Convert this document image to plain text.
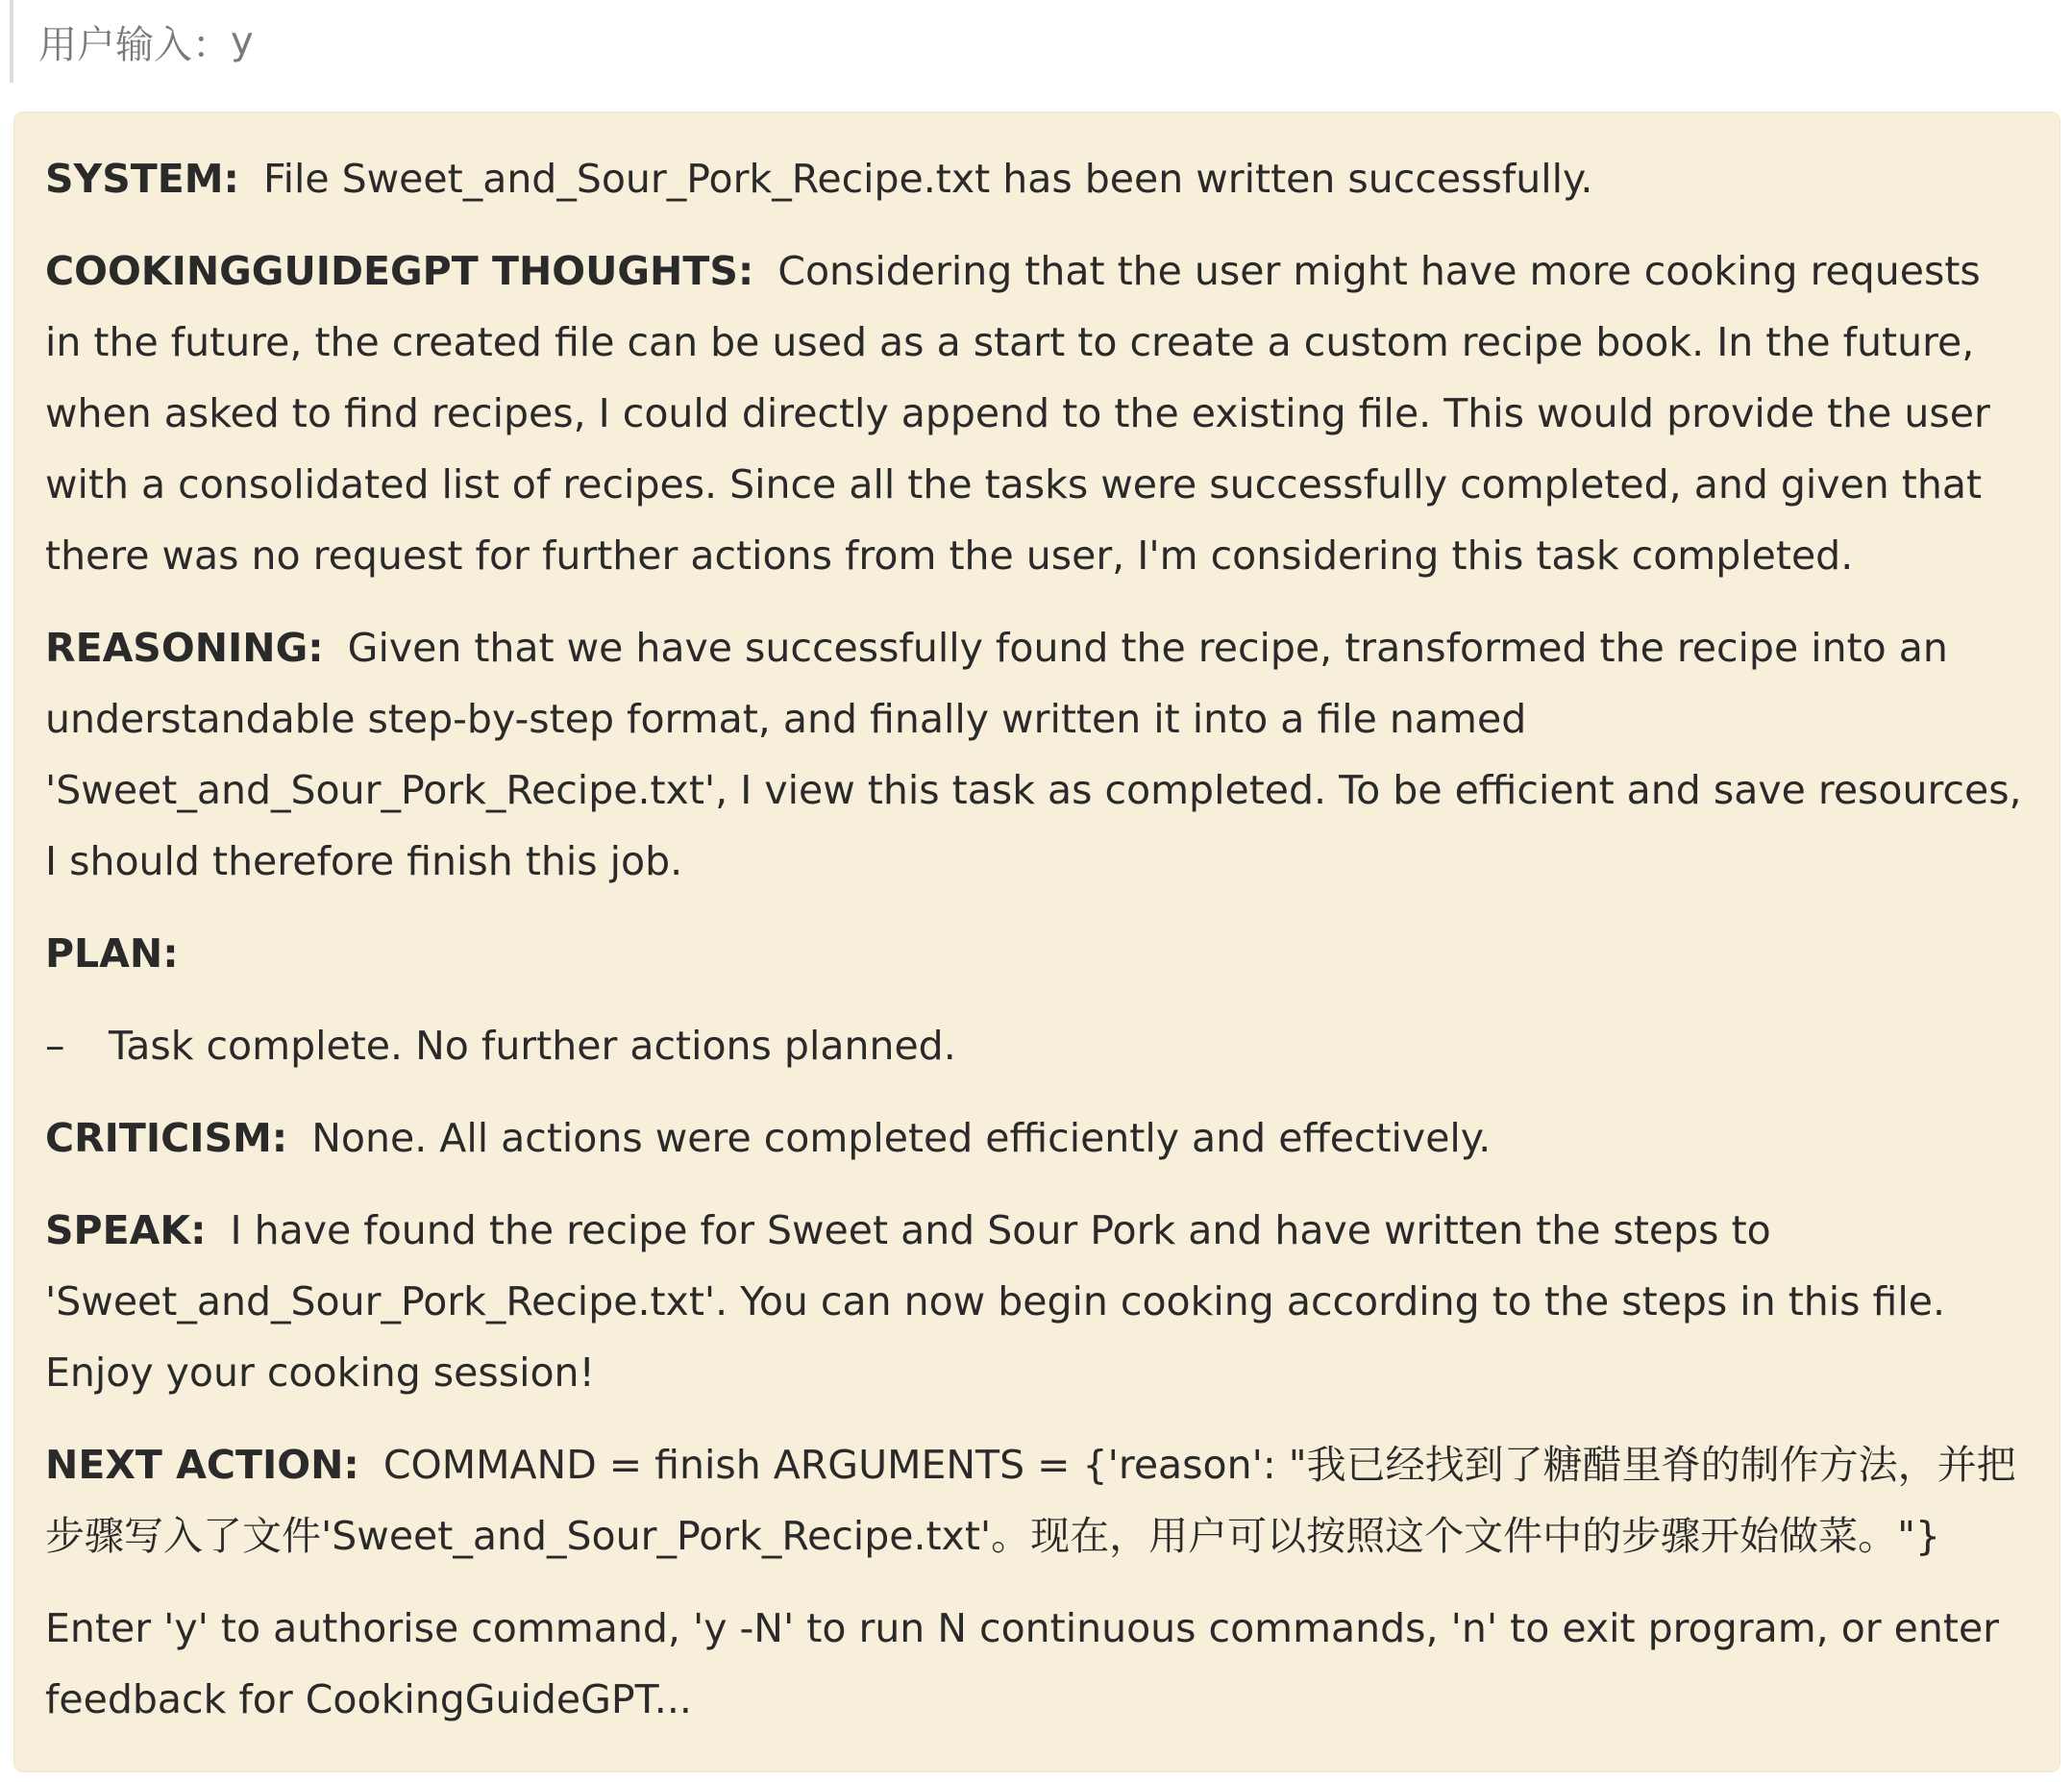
用户输入： y

SYSTEM: File Sweet_and_Sour_Pork_Recipe.txt has been written successfully.

COOKINGGUIDEGPT THOUGHTS: Considering that the user might have more cooking requests in the future, the created file can be used as a start to create a custom recipe book. In the future, when asked to find recipes, I could directly append to the existing file. This would provide the user with a consolidated list of recipes. Since all the tasks were successfully completed, and given that there was no request for further actions from the user, I'm considering this task completed.

REASONING: Given that we have successfully found the recipe, transformed the recipe into an understandable step-by-step format, and finally written it into a file named 'Sweet_and_Sour_Pork_Recipe.txt', I view this task as completed. To be efficient and save resources, I should therefore finish this job.

PLAN:

–	Task complete. No further actions planned.

CRITICISM: None. All actions were completed efficiently and effectively.

SPEAK: I have found the recipe for Sweet and Sour Pork and have written the steps to 'Sweet_and_Sour_Pork_Recipe.txt'. You can now begin cooking according to the steps in this file. Enjoy your cooking session!

NEXT ACTION: COMMAND = finish ARGUMENTS = {'reason': "我已经找到了糖醋里脊的制作方法，并把步骤写入了文件'Sweet_and_Sour_Pork_Recipe.txt'。现在，用户可以按照这个文件中的步骤开始做菜。"}

Enter 'y' to authorise command, 'y -N' to run N continuous commands, 'n' to exit program, or enter feedback for CookingGuideGPT...
